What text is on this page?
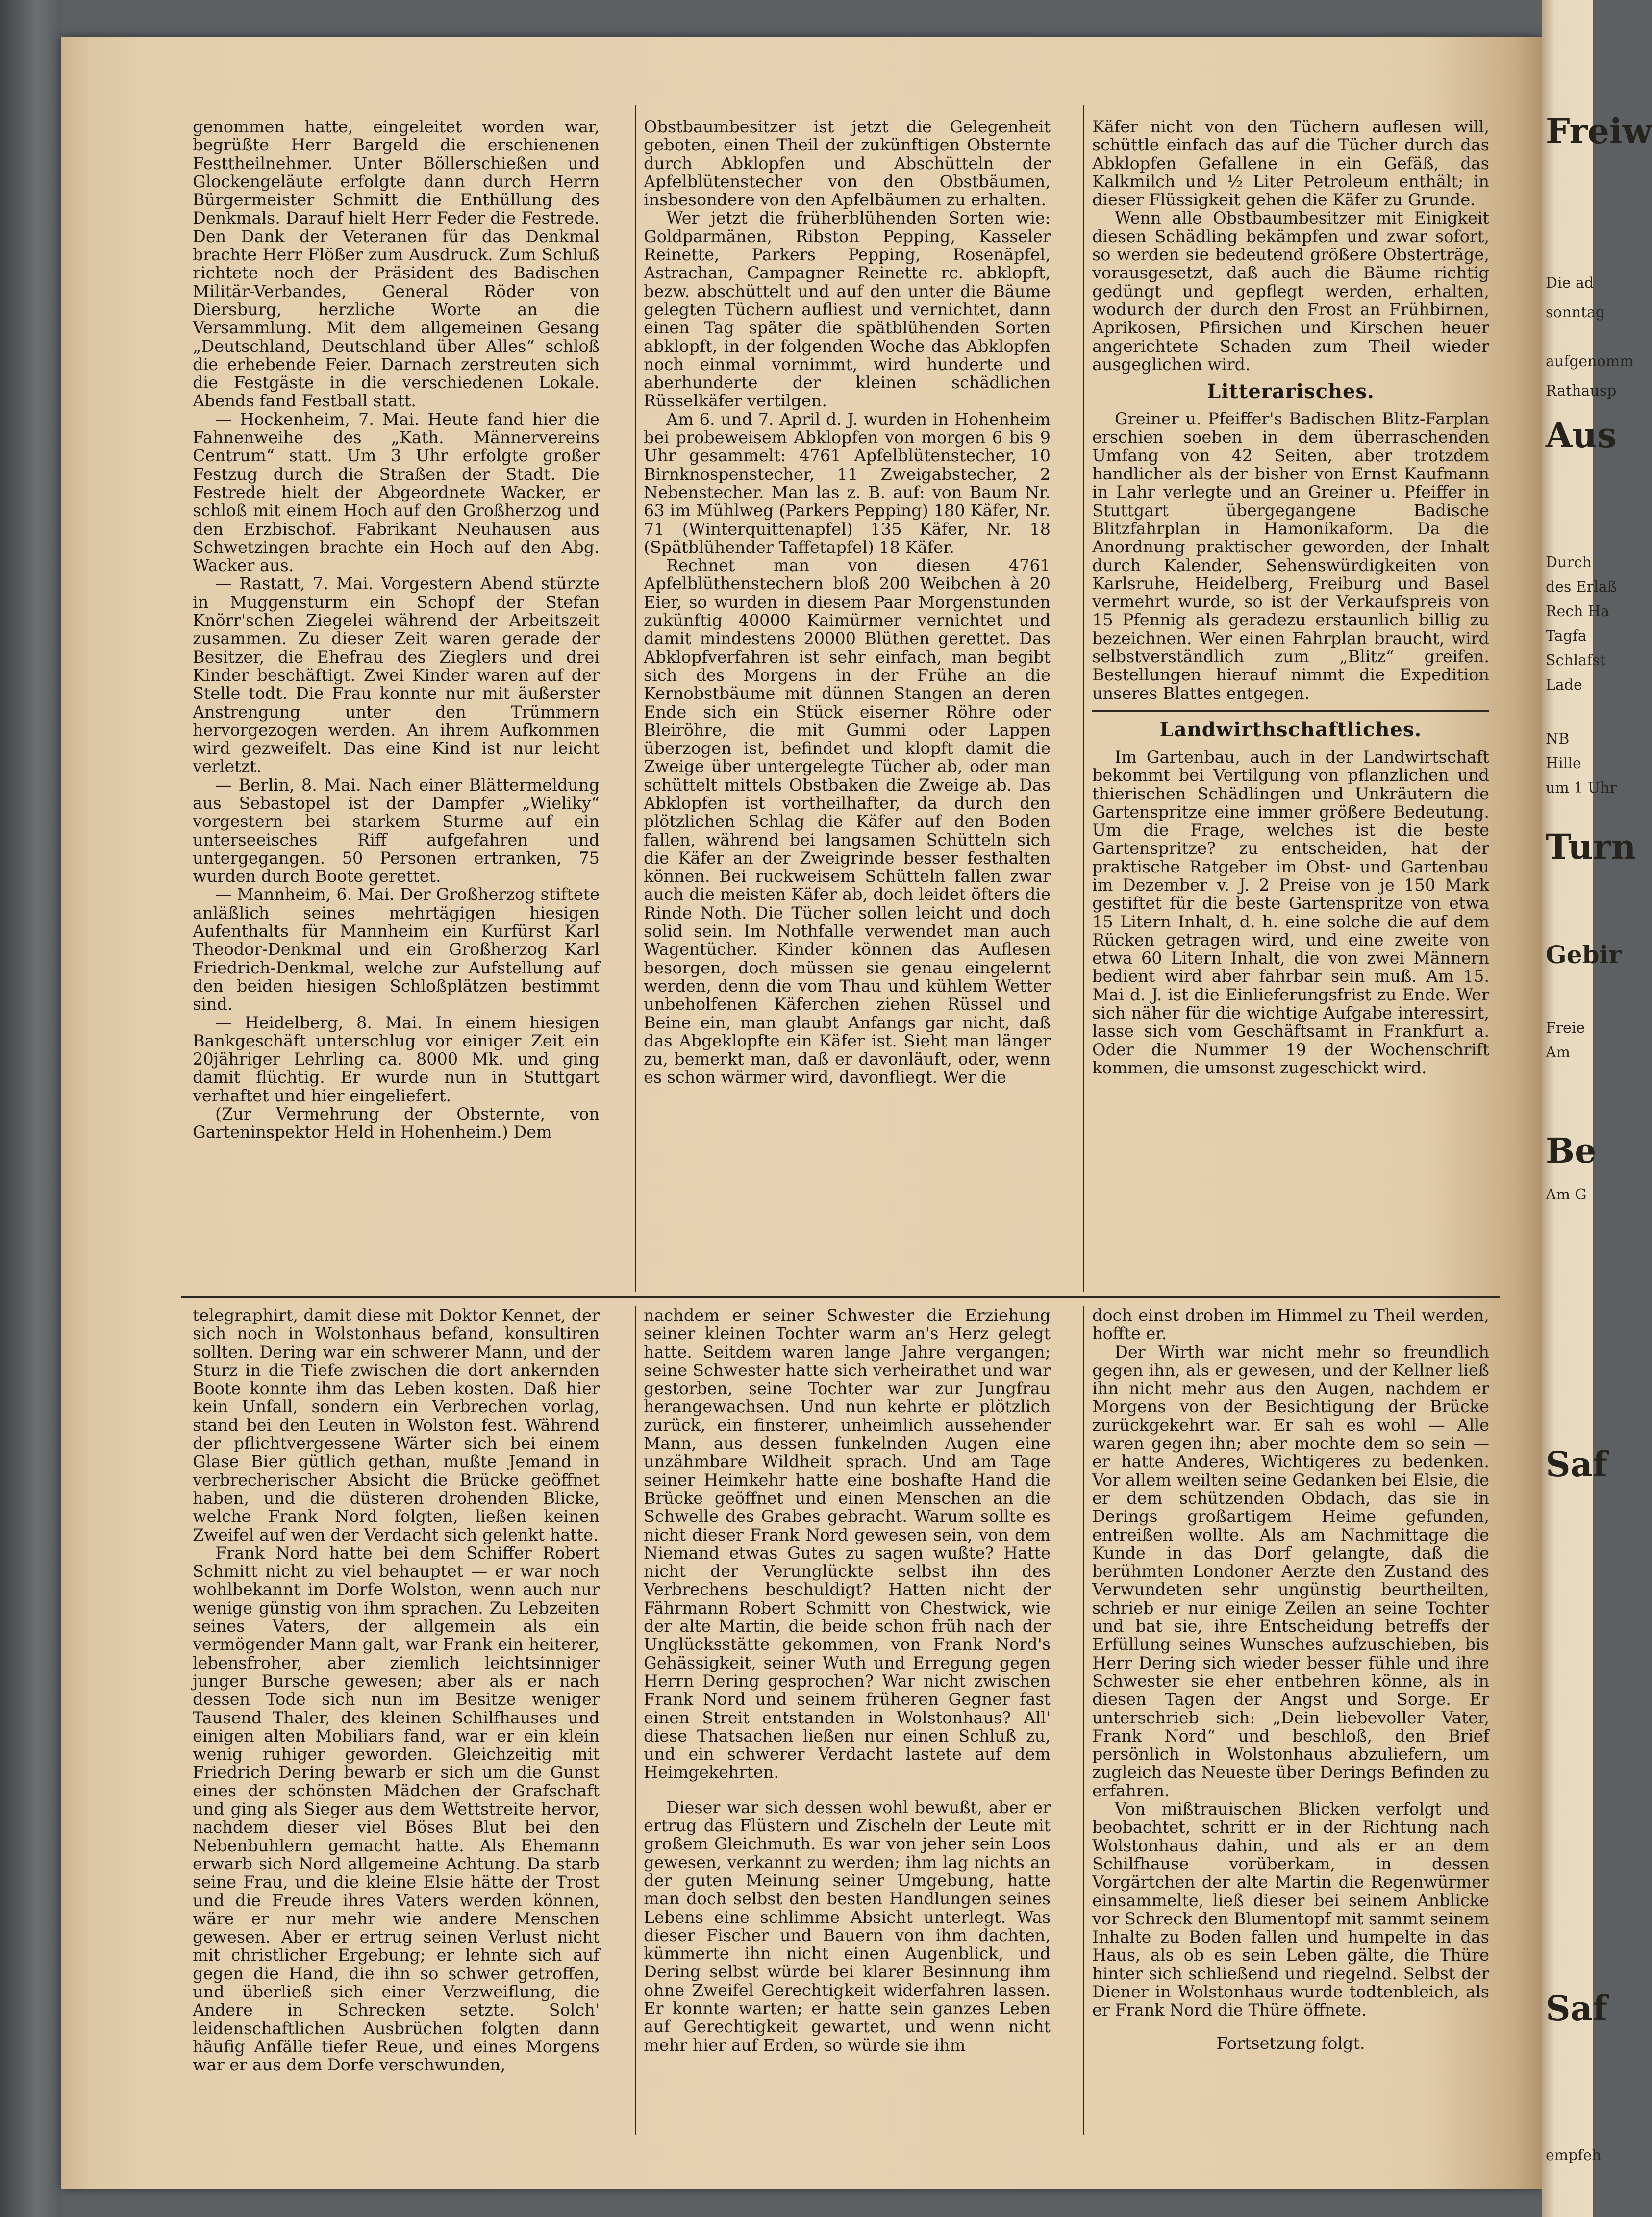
genommen hatte, eingeleitet worden war, begrüßte Herr Bargeld die erschienenen Festtheilnehmer. Unter Böllerschießen und Glockengeläute erfolgte dann durch Herrn Bürgermeister Schmitt die Enthüllung des Denkmals. Darauf hielt Herr Feder die Festrede. Den Dank der Veteranen für das Denkmal brachte Herr Flößer zum Ausdruck. Zum Schluß richtete noch der Präsident des Badischen Militär-Verbandes, General Röder von Diersburg, herzliche Worte an die Versammlung. Mit dem allgemeinen Gesang „Deutschland, Deutschland über Alles“ schloß die erhebende Feier. Darnach zerstreuten sich die Festgäste in die verschiedenen Lokale. Abends fand Festball statt.

— Hockenheim, 7. Mai. Heute fand hier die Fahnenweihe des „Kath. Männervereins Centrum“ statt. Um 3 Uhr erfolgte großer Festzug durch die Straßen der Stadt. Die Festrede hielt der Abgeordnete Wacker, er schloß mit einem Hoch auf den Großherzog und den Erzbischof. Fabrikant Neuhausen aus Schwetzingen brachte ein Hoch auf den Abg. Wacker aus.

— Rastatt, 7. Mai. Vorgestern Abend stürzte in Muggensturm ein Schopf der Stefan Knörr'schen Ziegelei während der Arbeitszeit zusammen. Zu dieser Zeit waren gerade der Besitzer, die Ehefrau des Zieglers und drei Kinder beschäftigt. Zwei Kinder waren auf der Stelle todt. Die Frau konnte nur mit äußerster Anstrengung unter den Trümmern hervorgezogen werden. An ihrem Aufkommen wird gezweifelt. Das eine Kind ist nur leicht verletzt.

— Berlin, 8. Mai. Nach einer Blättermeldung aus Sebastopel ist der Dampfer „Wieliky“ vorgestern bei starkem Sturme auf ein unterseeisches Riff aufgefahren und untergegangen. 50 Personen ertranken, 75 wurden durch Boote gerettet.

— Mannheim, 6. Mai. Der Großherzog stiftete anläßlich seines mehrtägigen hiesigen Aufenthalts für Mannheim ein Kurfürst Karl Theodor-Denkmal und ein Großherzog Karl Friedrich-Denkmal, welche zur Aufstellung auf den beiden hiesigen Schloßplätzen bestimmt sind.

— Heidelberg, 8. Mai. In einem hiesigen Bankgeschäft unterschlug vor einiger Zeit ein 20jähriger Lehrling ca. 8000 Mk. und ging damit flüchtig. Er wurde nun in Stuttgart verhaftet und hier eingeliefert.

(Zur Vermehrung der Obsternte, von Garteninspektor Held in Hohenheim.) Dem

Obstbaumbesitzer ist jetzt die Gelegenheit geboten, einen Theil der zukünftigen Obsternte durch Abklopfen und Abschütteln der Apfelblütenstecher von den Obstbäumen, insbesondere von den Apfelbäumen zu erhalten.

Wer jetzt die früherblühenden Sorten wie: Goldparmänen, Ribston Pepping, Kasseler Reinette, Parkers Pepping, Rosenäpfel, Astrachan, Campagner Reinette rc. abklopft, bezw. abschüttelt und auf den unter die Bäume gelegten Tüchern aufliest und vernichtet, dann einen Tag später die spätblühenden Sorten abklopft, in der folgenden Woche das Abklopfen noch einmal vornimmt, wird hunderte und aberhunderte der kleinen schädlichen Rüsselkäfer vertilgen.

Am 6. und 7. April d. J. wurden in Hohenheim bei probeweisem Abklopfen von morgen 6 bis 9 Uhr gesammelt: 4761 Apfelblütenstecher, 10 Birnknospenstecher, 11 Zweigabstecher, 2 Nebenstecher. Man las z. B. auf: von Baum Nr. 63 im Mühlweg (Parkers Pepping) 180 Käfer, Nr. 71 (Winterquittenapfel) 135 Käfer, Nr. 18 (Spätblühender Taffetapfel) 18 Käfer.

Rechnet man von diesen 4761 Apfelblüthenstechern bloß 200 Weibchen à 20 Eier, so wurden in diesem Paar Morgenstunden zukünftig 40000 Kaimürmer vernichtet und damit mindestens 20000 Blüthen gerettet. Das Abklopfverfahren ist sehr einfach, man begibt sich des Morgens in der Frühe an die Kernobstbäume mit dünnen Stangen an deren Ende sich ein Stück eiserner Röhre oder Bleiröhre, die mit Gummi oder Lappen überzogen ist, befindet und klopft damit die Zweige über untergelegte Tücher ab, oder man schüttelt mittels Obstbaken die Zweige ab. Das Abklopfen ist vortheilhafter, da durch den plötzlichen Schlag die Käfer auf den Boden fallen, während bei langsamen Schütteln sich die Käfer an der Zweigrinde besser festhalten können. Bei ruckweisem Schütteln fallen zwar auch die meisten Käfer ab, doch leidet öfters die Rinde Noth. Die Tücher sollen leicht und doch solid sein. Im Nothfalle verwendet man auch Wagentücher. Kinder können das Auflesen besorgen, doch müssen sie genau eingelernt werden, denn die vom Thau und kühlem Wetter unbeholfenen Käferchen ziehen Rüssel und Beine ein, man glaubt Anfangs gar nicht, daß das Abgeklopfte ein Käfer ist. Sieht man länger zu, bemerkt man, daß er davonläuft, oder, wenn es schon wärmer wird, davonfliegt. Wer die

Käfer nicht von den Tüchern auflesen will, schüttle einfach das auf die Tücher durch das Abklopfen Gefallene in ein Gefäß, das Kalkmilch und ½ Liter Petroleum enthält; in dieser Flüssigkeit gehen die Käfer zu Grunde.

Wenn alle Obstbaumbesitzer mit Einigkeit diesen Schädling bekämpfen und zwar sofort, so werden sie bedeutend größere Obsterträge, vorausgesetzt, daß auch die Bäume richtig gedüngt und gepflegt werden, erhalten, wodurch der durch den Frost an Frühbirnen, Aprikosen, Pfirsichen und Kirschen heuer angerichtete Schaden zum Theil wieder ausgeglichen wird.

Litterarisches.

Greiner u. Pfeiffer's Badischen Blitz-Farplan erschien soeben in dem überraschenden Umfang von 42 Seiten, aber trotzdem handlicher als der bisher von Ernst Kaufmann in Lahr verlegte und an Greiner u. Pfeiffer in Stuttgart übergegangene Badische Blitzfahrplan in Hamonikaform. Da die Anordnung praktischer geworden, der Inhalt durch Kalender, Sehenswürdigkeiten von Karlsruhe, Heidelberg, Freiburg und Basel vermehrt wurde, so ist der Verkaufspreis von 15 Pfennig als geradezu erstaunlich billig zu bezeichnen. Wer einen Fahrplan braucht, wird selbstverständlich zum „Blitz“ greifen. Bestellungen hierauf nimmt die Expedition unseres Blattes entgegen.

Landwirthschaftliches.

Im Gartenbau, auch in der Landwirtschaft bekommt bei Vertilgung von pflanzlichen und thierischen Schädlingen und Unkräutern die Gartenspritze eine immer größere Bedeutung. Um die Frage, welches ist die beste Gartenspritze? zu entscheiden, hat der praktische Ratgeber im Obst- und Gartenbau im Dezember v. J. 2 Preise von je 150 Mark gestiftet für die beste Gartenspritze von etwa 15 Litern Inhalt, d. h. eine solche die auf dem Rücken getragen wird, und eine zweite von etwa 60 Litern Inhalt, die von zwei Männern bedient wird aber fahrbar sein muß. Am 15. Mai d. J. ist die Einlieferungsfrist zu Ende. Wer sich näher für die wichtige Aufgabe interessirt, lasse sich vom Geschäftsamt in Frankfurt a. Oder die Nummer 19 der Wochenschrift kommen, die umsonst zugeschickt wird.

telegraphirt, damit diese mit Doktor Kennet, der sich noch in Wolstonhaus befand, konsultiren sollten. Dering war ein schwerer Mann, und der Sturz in die Tiefe zwischen die dort ankernden Boote konnte ihm das Leben kosten. Daß hier kein Unfall, sondern ein Verbrechen vorlag, stand bei den Leuten in Wolston fest. Während der pflichtvergessene Wärter sich bei einem Glase Bier gütlich gethan, mußte Jemand in verbrecherischer Absicht die Brücke geöffnet haben, und die düsteren drohenden Blicke, welche Frank Nord folgten, ließen keinen Zweifel auf wen der Verdacht sich gelenkt hatte.

Frank Nord hatte bei dem Schiffer Robert Schmitt nicht zu viel behauptet — er war noch wohlbekannt im Dorfe Wolston, wenn auch nur wenige günstig von ihm sprachen. Zu Lebzeiten seines Vaters, der allgemein als ein vermögender Mann galt, war Frank ein heiterer, lebensfroher, aber ziemlich leichtsinniger junger Bursche gewesen; aber als er nach dessen Tode sich nun im Besitze weniger Tausend Thaler, des kleinen Schilfhauses und einigen alten Mobiliars fand, war er ein klein wenig ruhiger geworden. Gleichzeitig mit Friedrich Dering bewarb er sich um die Gunst eines der schönsten Mädchen der Grafschaft und ging als Sieger aus dem Wettstreite hervor, nachdem dieser viel Böses Blut bei den Nebenbuhlern gemacht hatte. Als Ehemann erwarb sich Nord allgemeine Achtung. Da starb seine Frau, und die kleine Elsie hätte der Trost und die Freude ihres Vaters werden können, wäre er nur mehr wie andere Menschen gewesen. Aber er ertrug seinen Verlust nicht mit christlicher Ergebung; er lehnte sich auf gegen die Hand, die ihn so schwer getroffen, und überließ sich einer Verzweiflung, die Andere in Schrecken setzte. Solch' leidenschaftlichen Ausbrüchen folgten dann häufig Anfälle tiefer Reue, und eines Morgens war er aus dem Dorfe verschwunden,

nachdem er seiner Schwester die Erziehung seiner kleinen Tochter warm an's Herz gelegt hatte. Seitdem waren lange Jahre vergangen; seine Schwester hatte sich verheirathet und war gestorben, seine Tochter war zur Jungfrau herangewachsen. Und nun kehrte er plötzlich zurück, ein finsterer, unheimlich aussehender Mann, aus dessen funkelnden Augen eine unzähmbare Wildheit sprach. Und am Tage seiner Heimkehr hatte eine boshafte Hand die Brücke geöffnet und einen Menschen an die Schwelle des Grabes gebracht. Warum sollte es nicht dieser Frank Nord gewesen sein, von dem Niemand etwas Gutes zu sagen wußte? Hatte nicht der Verunglückte selbst ihn des Verbrechens beschuldigt? Hatten nicht der Fährmann Robert Schmitt von Chestwick, wie der alte Martin, die beide schon früh nach der Unglücksstätte gekommen, von Frank Nord's Gehässigkeit, seiner Wuth und Erregung gegen Herrn Dering gesprochen? War nicht zwischen Frank Nord und seinem früheren Gegner fast einen Streit entstanden in Wolstonhaus? All' diese Thatsachen ließen nur einen Schluß zu, und ein schwerer Verdacht lastete auf dem Heimgekehrten.

Dieser war sich dessen wohl bewußt, aber er ertrug das Flüstern und Zischeln der Leute mit großem Gleichmuth. Es war von jeher sein Loos gewesen, verkannt zu werden; ihm lag nichts an der guten Meinung seiner Umgebung, hatte man doch selbst den besten Handlungen seines Lebens eine schlimme Absicht unterlegt. Was dieser Fischer und Bauern von ihm dachten, kümmerte ihn nicht einen Augenblick, und Dering selbst würde bei klarer Besinnung ihm ohne Zweifel Gerechtigkeit widerfahren lassen. Er konnte warten; er hatte sein ganzes Leben auf Gerechtigkeit gewartet, und wenn nicht mehr hier auf Erden, so würde sie ihm

doch einst droben im Himmel zu Theil werden, hoffte er.

Der Wirth war nicht mehr so freundlich gegen ihn, als er gewesen, und der Kellner ließ ihn nicht mehr aus den Augen, nachdem er Morgens von der Besichtigung der Brücke zurückgekehrt war. Er sah es wohl — Alle waren gegen ihn; aber mochte dem so sein — er hatte Anderes, Wichtigeres zu bedenken. Vor allem weilten seine Gedanken bei Elsie, die er dem schützenden Obdach, das sie in Derings großartigem Heime gefunden, entreißen wollte. Als am Nachmittage die Kunde in das Dorf gelangte, daß die berühmten Londoner Aerzte den Zustand des Verwundeten sehr ungünstig beurtheilten, schrieb er nur einige Zeilen an seine Tochter und bat sie, ihre Entscheidung betreffs der Erfüllung seines Wunsches aufzuschieben, bis Herr Dering sich wieder besser fühle und ihre Schwester sie eher entbehren könne, als in diesen Tagen der Angst und Sorge. Er unterschrieb sich: „Dein liebevoller Vater, Frank Nord“ und beschloß, den Brief persönlich in Wolstonhaus abzuliefern, um zugleich das Neueste über Derings Befinden zu erfahren.

Von mißtrauischen Blicken verfolgt und beobachtet, schritt er in der Richtung nach Wolstonhaus dahin, und als er an dem Schilfhause vorüberkam, in dessen Vorgärtchen der alte Martin die Regenwürmer einsammelte, ließ dieser bei seinem Anblicke vor Schreck den Blumentopf mit sammt seinem Inhalte zu Boden fallen und humpelte in das Haus, als ob es sein Leben gälte, die Thüre hinter sich schließend und riegelnd. Selbst der Diener in Wolstonhaus wurde todtenbleich, als er Frank Nord die Thüre öffnete.

Fortsetzung folgt.

Freiw
Die ad
sonntag
aufgenomm
Rathausp
Aus
Durch
des Erlaß
Rech Ha
Tagfa
Schlafst
Lade
NB
Hille
um 1 Uhr
Turn
Gebir
Freie
Am
Be
Am G
Saf
Saf
empfeh
